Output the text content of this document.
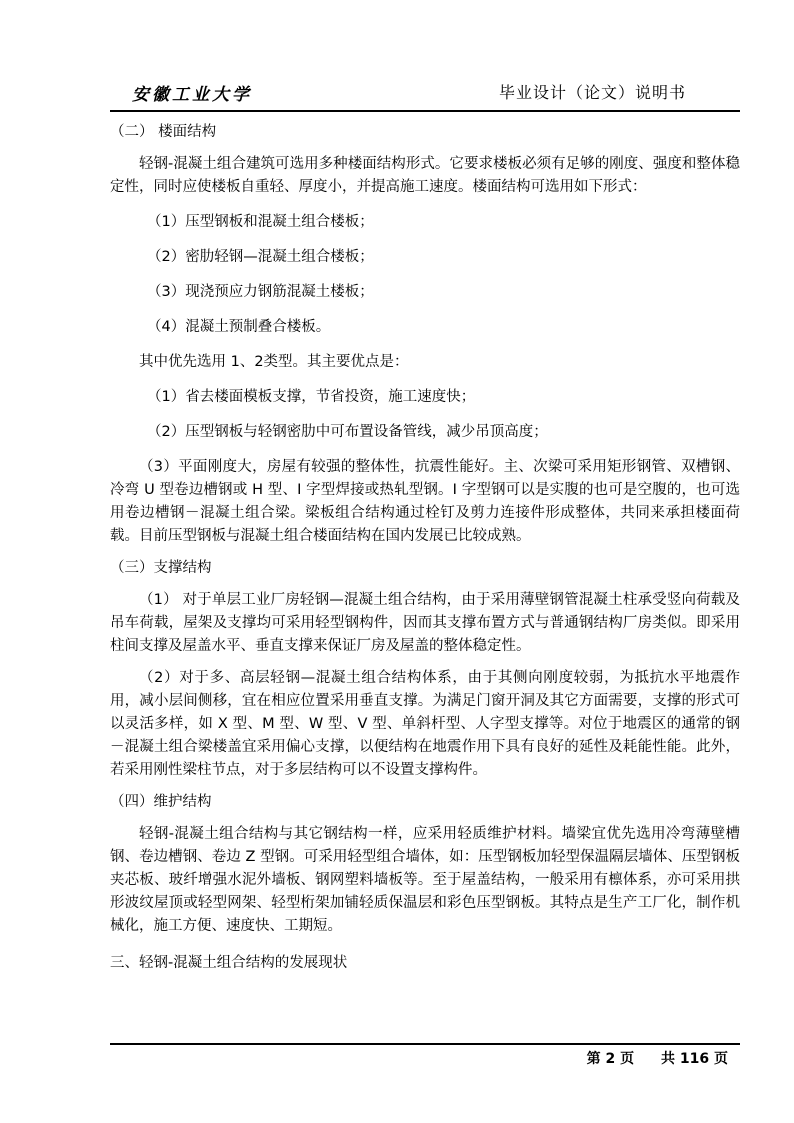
安徽工业大学	毕业设计（论文）说明书
（二） 楼面结构
轻钢-混凝土组合建筑可选用多种楼面结构形式。它要求楼板必须有足够的刚度、强度和整体稳定性，同时应使楼板自重轻、厚度小，并提高施工速度。楼面结构可选用如下形式：
（1）压型钢板和混凝土组合楼板；
（2）密肋轻钢—混凝土组合楼板；
（3）现浇预应力钢筋混凝土楼板；
（4）混凝土预制叠合楼板。
其中优先选用 1、2类型。其主要优点是：
（1）省去楼面模板支撑，节省投资，施工速度快；
（2）压型钢板与轻钢密肋中可布置设备管线，减少吊顶高度；
（3）平面刚度大，房屋有较强的整体性，抗震性能好。主、次梁可采用矩形钢管、双槽钢、冷弯 U 型卷边槽钢或 H 型、I 字型焊接或热轧型钢。I 字型钢可以是实腹的也可是空腹的，也可选用卷边槽钢－混凝土组合梁。梁板组合结构通过栓钉及剪力连接件形成整体，共同来承担楼面荷载。目前压型钢板与混凝土组合楼面结构在国内发展已比较成熟。
（三）支撑结构
（1） 对于单层工业厂房轻钢—混凝土组合结构，由于采用薄壁钢管混凝土柱承受竖向荷载及吊车荷载，屋架及支撑均可采用轻型钢构件，因而其支撑布置方式与普通钢结构厂房类似。即采用柱间支撑及屋盖水平、垂直支撑来保证厂房及屋盖的整体稳定性。
（2）对于多、高层轻钢—混凝土组合结构体系，由于其侧向刚度较弱，为抵抗水平地震作用，减小层间侧移，宜在相应位置采用垂直支撑。为满足门窗开洞及其它方面需要，支撑的形式可以灵活多样，如 X 型、M 型、W 型、V 型、单斜杆型、人字型支撑等。对位于地震区的通常的钢－混凝土组合梁楼盖宜采用偏心支撑，以便结构在地震作用下具有良好的延性及耗能性能。此外，若采用刚性梁柱节点，对于多层结构可以不设置支撑构件。
（四）维护结构
轻钢-混凝土组合结构与其它钢结构一样，应采用轻质维护材料。墙梁宜优先选用冷弯薄壁槽钢、卷边槽钢、卷边 Z 型钢。可采用轻型组合墙体，如：压型钢板加轻型保温隔层墙体、压型钢板夹芯板、玻纤增强水泥外墙板、钢网塑料墙板等。至于屋盖结构，一般采用有檩体系，亦可采用拱形波纹屋顶或轻型网架、轻型桁架加铺轻质保温层和彩色压型钢板。其特点是生产工厂化，制作机械化，施工方便、速度快、工期短。
三、轻钢-混凝土组合结构的发展现状
第 2 页 共 116 页
